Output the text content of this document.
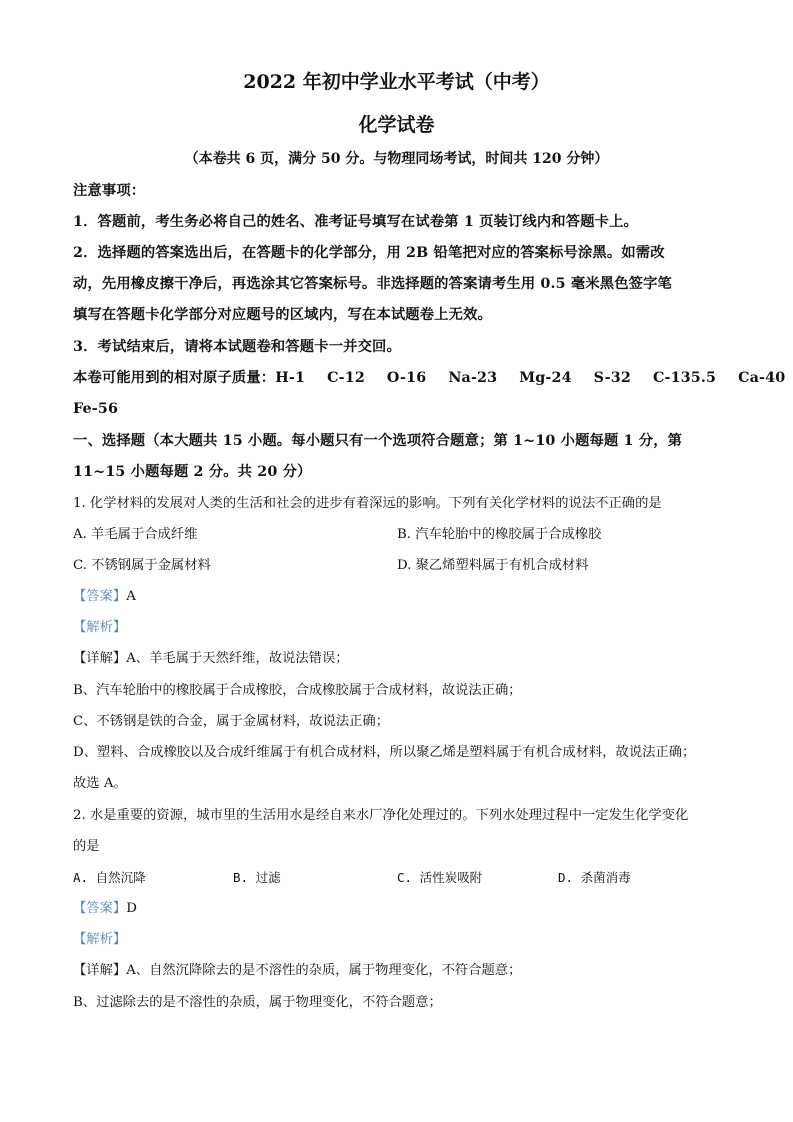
2022 年初中学业水平考试（中考）
化学试卷
（本卷共 6 页，满分 50 分。与物理同场考试，时间共 120 分钟）
注意事项：
1．答题前，考生务必将自己的姓名、准考证号填写在试卷第 1 页装订线内和答题卡上。
2．选择题的答案选出后，在答题卡的化学部分，用 2B 铅笔把对应的答案标号涂黑。如需改
动，先用橡皮擦干净后，再选涂其它答案标号。非选择题的答案请考生用 0.5 毫米黑色签字笔
填写在答题卡化学部分对应题号的区域内，写在本试题卷上无效。
3．考试结束后，请将本试题卷和答题卡一并交回。
本卷可能用到的相对原子质量：H-1 C-12 O-16 Na-23 Mg-24 S-32 C-135.5 Ca-40
Fe-56
一、选择题（本大题共 15 小题。每小题只有一个选项符合题意；第 1~10 小题每题 1 分，第
11~15 小题每题 2 分。共 20 分）
1. 化学材料的发展对人类的生活和社会的进步有着深远的影响。下列有关化学材料的说法不正确的是
A. 羊毛属于合成纤维	B. 汽车轮胎中的橡胶属于合成橡胶
C. 不锈钢属于金属材料	D. 聚乙烯塑料属于有机合成材料
【答案】A
【解析】
【详解】A、羊毛属于天然纤维，故说法错误；
B、汽车轮胎中的橡胶属于合成橡胶，合成橡胶属于合成材料，故说法正确；
C、不锈钢是铁的合金，属于金属材料，故说法正确；
D、塑料、合成橡胶以及合成纤维属于有机合成材料，所以聚乙烯是塑料属于有机合成材料，故说法正确；
故选 A。
2. 水是重要的资源，城市里的生活用水是经自来水厂净化处理过的。下列水处理过程中一定发生化学变化
的是
A. 自然沉降	B. 过滤	C. 活性炭吸附	D. 杀菌消毒
【答案】D
【解析】
【详解】A、自然沉降除去的是不溶性的杂质，属于物理变化，不符合题意；
B、过滤除去的是不溶性的杂质，属于物理变化，不符合题意；
